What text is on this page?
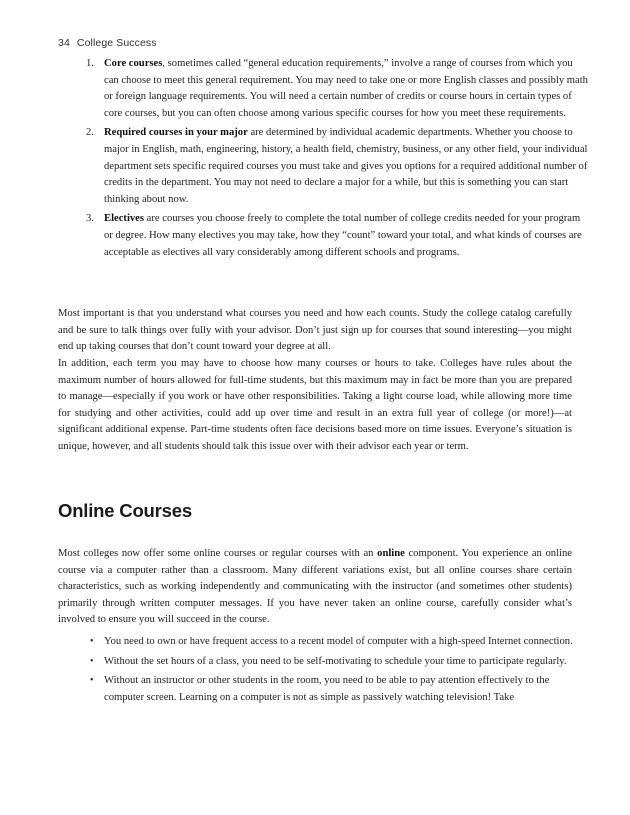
34 College Success
1. Core courses, sometimes called “general education requirements,” involve a range of courses from which you can choose to meet this general requirement. You may need to take one or more English classes and possibly math or foreign language requirements. You will need a certain number of credits or course hours in certain types of core courses, but you can often choose among various specific courses for how you meet these requirements.
2. Required courses in your major are determined by individual academic departments. Whether you choose to major in English, math, engineering, history, a health field, chemistry, business, or any other field, your individual department sets specific required courses you must take and gives you options for a required additional number of credits in the department. You may not need to declare a major for a while, but this is something you can start thinking about now.
3. Electives are courses you choose freely to complete the total number of college credits needed for your program or degree. How many electives you may take, how they “count” toward your total, and what kinds of courses are acceptable as electives all vary considerably among different schools and programs.

Most important is that you understand what courses you need and how each counts. Study the college catalog carefully and be sure to talk things over fully with your advisor. Don’t just sign up for courses that sound interesting—you might end up taking courses that don’t count toward your degree at all.

In addition, each term you may have to choose how many courses or hours to take. Colleges have rules about the maximum number of hours allowed for full-time students, but this maximum may in fact be more than you are prepared to manage—especially if you work or have other responsibilities. Taking a light course load, while allowing more time for studying and other activities, could add up over time and result in an extra full year of college (or more!)—at significant additional expense. Part-time students often face decisions based more on time issues. Everyone’s situation is unique, however, and all students should talk this issue over with their advisor each year or term.

Online Courses

Most colleges now offer some online courses or regular courses with an online component. You experience an online course via a computer rather than a classroom. Many different variations exist, but all online courses share certain characteristics, such as working independently and communicating with the instructor (and sometimes other students) primarily through written computer messages. If you have never taken an online course, carefully consider what’s involved to ensure you will succeed in the course.

• You need to own or have frequent access to a recent model of computer with a high-speed Internet connection.
• Without the set hours of a class, you need to be self-motivating to schedule your time to participate regularly.
• Without an instructor or other students in the room, you need to be able to pay attention effectively to the computer screen. Learning on a computer is not as simple as passively watching television! Take
